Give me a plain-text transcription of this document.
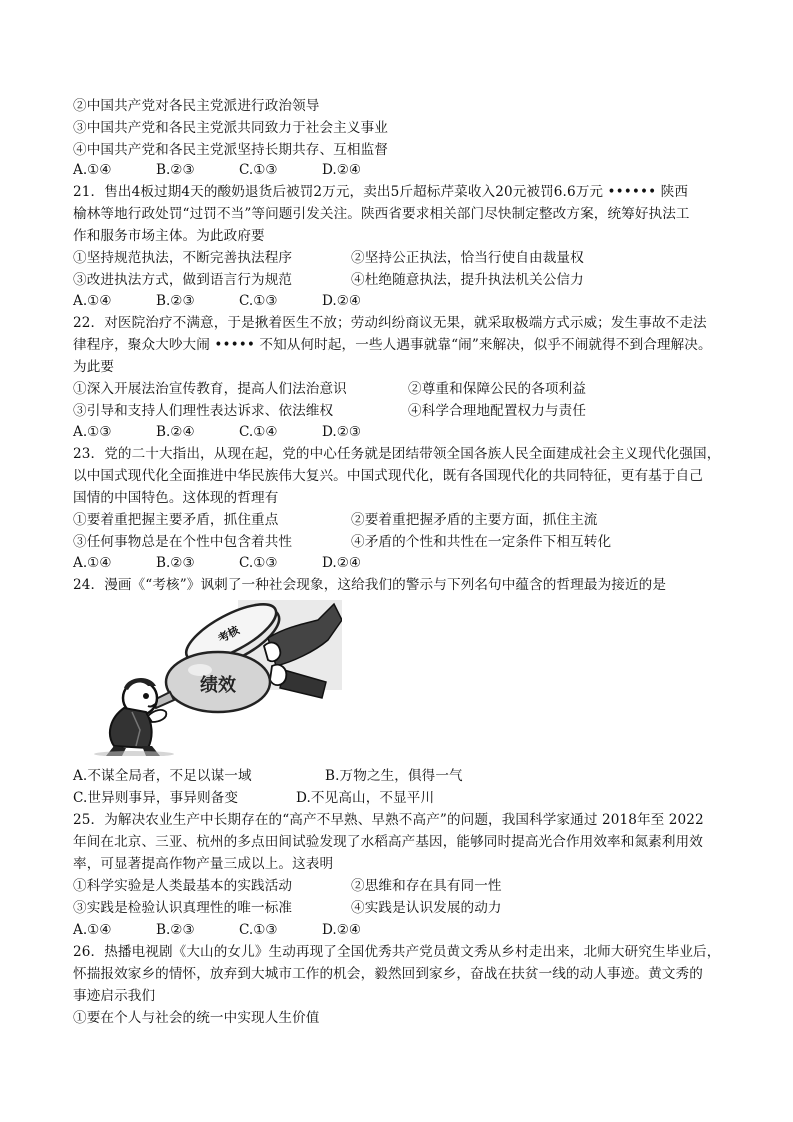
②中国共产党对各民主党派进行政治领导
③中国共产党和各民主党派共同致力于社会主义事业
④中国共产党和各民主党派坚持长期共存、互相监督
A.①④	B.②③	C.①③	D.②④
21．售出4板过期4天的酸奶退货后被罚2万元，卖出5斤超标芹菜收入20元被罚6.6万元 •••••• 陕西
榆林等地行政处罚“过罚不当”等问题引发关注。陕西省要求相关部门尽快制定整改方案，统筹好执法工
作和服务市场主体。为此政府要
①坚持规范执法，不断完善执法程序	②坚持公正执法，恰当行使自由裁量权
③改进执法方式，做到语言行为规范	④杜绝随意执法，提升执法机关公信力
A.①④	B.②③	C.①③	D.②④
22．对医院治疗不满意，于是揪着医生不放；劳动纠纷商议无果，就采取极端方式示威；发生事故不走法
律程序，聚众大吵大闹 ••••• 不知从何时起，一些人遇事就靠“闹”来解决，似乎不闹就得不到合理解决。
为此要
①深入开展法治宣传教育，提高人们法治意识	②尊重和保障公民的各项利益
③引导和支持人们理性表达诉求、依法维权	④科学合理地配置权力与责任
A.①③	B.②④	C.①④	D.②③
23．党的二十大指出，从现在起，党的中心任务就是团结带领全国各族人民全面建成社会主义现代化强国，
以中国式现代化全面推进中华民族伟大复兴。中国式现代化，既有各国现代化的共同特征，更有基于自己
国情的中国特色。这体现的哲理有
①要着重把握主要矛盾，抓住重点	②要着重把握矛盾的主要方面，抓住主流
③任何事物总是在个性中包含着共性	④矛盾的个性和共性在一定条件下相互转化
A.①④	B.②③	C.①③	D.②④
24．漫画《“考核”》讽刺了一种社会现象，这给我们的警示与下列名句中蕴含的哲理最为接近的是
考核
绩效
A.不谋全局者，不足以谋一域	B.万物之生，俱得一气
C.世异则事异，事异则备变	D.不见高山，不显平川
25．为解决农业生产中长期存在的“高产不早熟、早熟不高产”的问题，我国科学家通过 2018年至 2022
年间在北京、三亚、杭州的多点田间试验发现了水稻高产基因，能够同时提高光合作用效率和氮素利用效
率，可显著提高作物产量三成以上。这表明
①科学实验是人类最基本的实践活动	②思维和存在具有同一性
③实践是检验认识真理性的唯一标准	④实践是认识发展的动力
A.①④	B.②③	C.①③	D.②④
26．热播电视剧《大山的女儿》生动再现了全国优秀共产党员黄文秀从乡村走出来，北师大研究生毕业后，
怀揣报效家乡的情怀，放弃到大城市工作的机会，毅然回到家乡，奋战在扶贫一线的动人事迹。黄文秀的
事迹启示我们
①要在个人与社会的统一中实现人生价值
